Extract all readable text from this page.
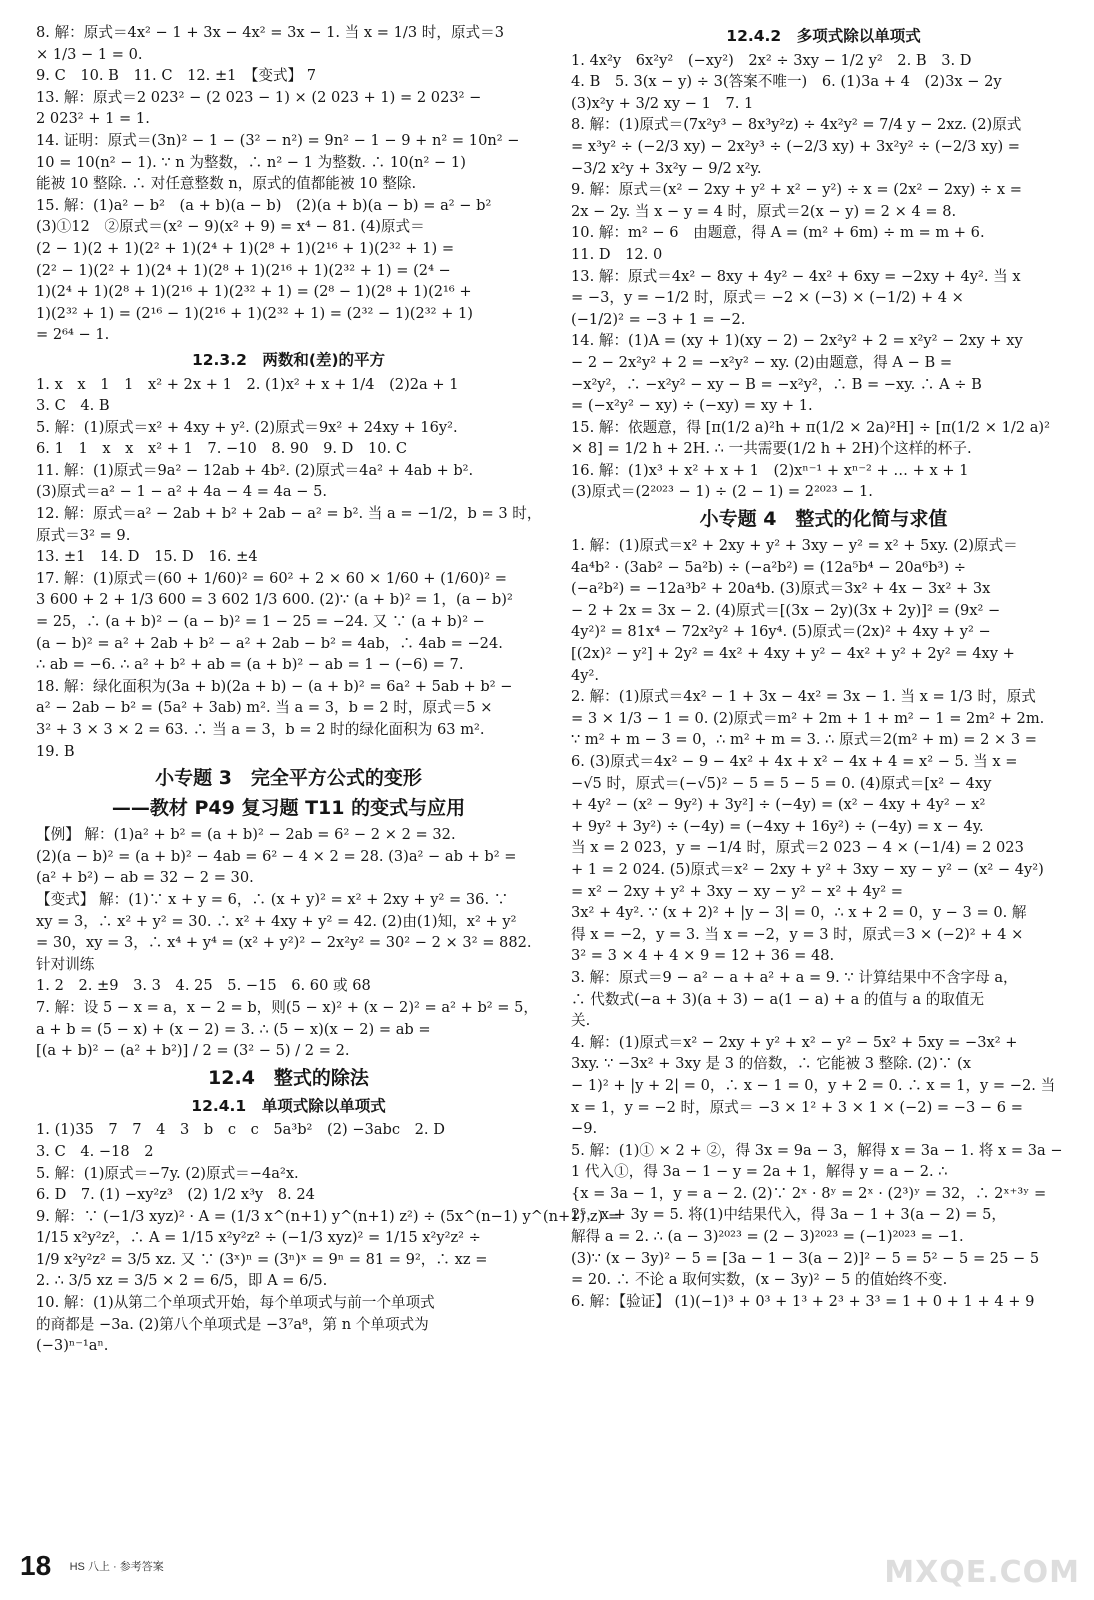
8. 解：原式＝4x² − 1 + 3x − 4x² = 3x − 1. 当 x = 1/3 时，原式＝3
× 1/3 − 1 = 0.
9. C　10. B　11. C　12. ±1　【变式】 7
13. 解：原式＝2 023² − (2 023 − 1) × (2 023 + 1) = 2 023² −
2 023² + 1 = 1.
14. 证明：原式＝(3n)² − 1 − (3² − n²) = 9n² − 1 − 9 + n² = 10n² −
10 = 10(n² − 1). ∵ n 为整数，∴ n² − 1 为整数. ∴ 10(n² − 1)
能被 10 整除. ∴ 对任意整数 n，原式的值都能被 10 整除.
15. 解：(1)a² − b²　(a + b)(a − b)　(2)(a + b)(a − b) = a² − b²
(3)①12　②原式＝(x² − 9)(x² + 9) = x⁴ − 81. (4)原式＝
(2 − 1)(2 + 1)(2² + 1)(2⁴ + 1)(2⁸ + 1)(2¹⁶ + 1)(2³² + 1) =
(2² − 1)(2² + 1)(2⁴ + 1)(2⁸ + 1)(2¹⁶ + 1)(2³² + 1) = (2⁴ −
1)(2⁴ + 1)(2⁸ + 1)(2¹⁶ + 1)(2³² + 1) = (2⁸ − 1)(2⁸ + 1)(2¹⁶ +
1)(2³² + 1) = (2¹⁶ − 1)(2¹⁶ + 1)(2³² + 1) = (2³² − 1)(2³² + 1)
= 2⁶⁴ − 1.
12.3.2　两数和(差)的平方
1. x　x　1　1　x² + 2x + 1　2. (1)x² + x + 1/4　(2)2a + 1
3. C　4. B
5. 解：(1)原式＝x² + 4xy + y². (2)原式＝9x² + 24xy + 16y².
6. 1　1　x　x　x² + 1　7. −10　8. 90　9. D　10. C
11. 解：(1)原式＝9a² − 12ab + 4b². (2)原式＝4a² + 4ab + b².
(3)原式＝a² − 1 − a² + 4a − 4 = 4a − 5.
12. 解：原式＝a² − 2ab + b² + 2ab − a² = b². 当 a = −1/2，b = 3 时，
原式＝3² = 9.
13. ±1　14. D　15. D　16. ±4
17. 解：(1)原式＝(60 + 1/60)² = 60² + 2 × 60 × 1/60 + (1/60)² =
3 600 + 2 + 1/3 600 = 3 602 1/3 600. (2)∵ (a + b)² = 1，(a − b)²
= 25，∴ (a + b)² − (a − b)² = 1 − 25 = −24. 又 ∵ (a + b)² −
(a − b)² = a² + 2ab + b² − a² + 2ab − b² = 4ab，∴ 4ab = −24.
∴ ab = −6. ∴ a² + b² + ab = (a + b)² − ab = 1 − (−6) = 7.
18. 解：绿化面积为(3a + b)(2a + b) − (a + b)² = 6a² + 5ab + b² −
a² − 2ab − b² = (5a² + 3ab) m². 当 a = 3，b = 2 时，原式＝5 ×
3² + 3 × 3 × 2 = 63. ∴ 当 a = 3，b = 2 时的绿化面积为 63 m².
19. B
小专题 3　完全平方公式的变形
——教材 P49 复习题 T11 的变式与应用
【例】 解：(1)a² + b² = (a + b)² − 2ab = 6² − 2 × 2 = 32.
(2)(a − b)² = (a + b)² − 4ab = 6² − 4 × 2 = 28. (3)a² − ab + b² =
(a² + b²) − ab = 32 − 2 = 30.
【变式】 解：(1)∵ x + y = 6，∴ (x + y)² = x² + 2xy + y² = 36. ∵
xy = 3，∴ x² + y² = 30. ∴ x² + 4xy + y² = 42. (2)由(1)知，x² + y²
= 30，xy = 3，∴ x⁴ + y⁴ = (x² + y²)² − 2x²y² = 30² − 2 × 3² = 882.
针对训练
1. 2　2. ±9　3. 3　4. 25　5. −15　6. 60 或 68
7. 解：设 5 − x = a，x − 2 = b，则(5 − x)² + (x − 2)² = a² + b² = 5，
a + b = (5 − x) + (x − 2) = 3. ∴ (5 − x)(x − 2) = ab =
[(a + b)² − (a² + b²)] / 2 = (3² − 5) / 2 = 2.
12.4　整式的除法
12.4.1　单项式除以单项式
1. (1)35　7　7　4　3　b　c　c　5a³b²　(2) −3abc　2. D
3. C　4. −18　2
5. 解：(1)原式＝−7y. (2)原式＝−4a²x.
6. D　7. (1) −xy²z³　(2) 1/2 x³y　8. 24
9. 解：∵ (−1/3 xyz)² · A = (1/3 x^(n+1) y^(n+1) z²) ÷ (5x^(n−1) y^(n+1) z) =
1/15 x²y²z²，∴ A = 1/15 x²y²z² ÷ (−1/3 xyz)² = 1/15 x²y²z² ÷
1/9 x²y²z² = 3/5 xz. 又 ∵ (3ˣ)ⁿ = (3ⁿ)ˣ = 9ⁿ = 81 = 9²，∴ xz =
2. ∴ 3/5 xz = 3/5 × 2 = 6/5，即 A = 6/5.
10. 解：(1)从第二个单项式开始，每个单项式与前一个单项式
的商都是 −3a. (2)第八个单项式是 −3⁷a⁸，第 n 个单项式为
(−3)ⁿ⁻¹aⁿ.
12.4.2　多项式除以单项式
1. 4x²y　6x²y²　(−xy²)　2x² ÷ 3xy − 1/2 y²　2. B　3. D
4. B　5. 3(x − y) ÷ 3(答案不唯一)　6. (1)3a + 4　(2)3x − 2y
(3)x²y + 3/2 xy − 1　7. 1
8. 解：(1)原式＝(7x²y³ − 8x³y²z) ÷ 4x²y² = 7/4 y − 2xz. (2)原式
= x³y² ÷ (−2/3 xy) − 2x²y³ ÷ (−2/3 xy) + 3x²y² ÷ (−2/3 xy) =
−3/2 x²y + 3x²y − 9/2 x²y.
9. 解：原式＝(x² − 2xy + y² + x² − y²) ÷ x = (2x² − 2xy) ÷ x =
2x − 2y. 当 x − y = 4 时，原式＝2(x − y) = 2 × 4 = 8.
10. 解：m² − 6　由题意，得 A = (m² + 6m) ÷ m = m + 6.
11. D　12. 0
13. 解：原式＝4x² − 8xy + 4y² − 4x² + 6xy = −2xy + 4y². 当 x
= −3，y = −1/2 时，原式＝ −2 × (−3) × (−1/2) + 4 ×
(−1/2)² = −3 + 1 = −2.
14. 解：(1)A = (xy + 1)(xy − 2) − 2x²y² + 2 = x²y² − 2xy + xy
− 2 − 2x²y² + 2 = −x²y² − xy. (2)由题意，得 A − B =
−x²y²，∴ −x²y² − xy − B = −x²y²，∴ B = −xy. ∴ A ÷ B
= (−x²y² − xy) ÷ (−xy) = xy + 1.
15. 解：依题意，得 [π(1/2 a)²h + π(1/2 × 2a)²H] ÷ [π(1/2 × 1/2 a)²
× 8] = 1/2 h + 2H. ∴ 一共需要(1/2 h + 2H)个这样的杯子.
16. 解：(1)x³ + x² + x + 1　(2)xⁿ⁻¹ + xⁿ⁻² + … + x + 1
(3)原式＝(2²⁰²³ − 1) ÷ (2 − 1) = 2²⁰²³ − 1.
小专题 4　整式的化简与求值
1. 解：(1)原式＝x² + 2xy + y² + 3xy − y² = x² + 5xy. (2)原式＝
4a⁴b² · (3ab² − 5a²b) ÷ (−a²b²) = (12a⁵b⁴ − 20a⁶b³) ÷
(−a²b²) = −12a³b² + 20a⁴b. (3)原式＝3x² + 4x − 3x² + 3x
− 2 + 2x = 3x − 2. (4)原式＝[(3x − 2y)(3x + 2y)]² = (9x² −
4y²)² = 81x⁴ − 72x²y² + 16y⁴. (5)原式＝(2x)² + 4xy + y² −
[(2x)² − y²] + 2y² = 4x² + 4xy + y² − 4x² + y² + 2y² = 4xy +
4y².
2. 解：(1)原式＝4x² − 1 + 3x − 4x² = 3x − 1. 当 x = 1/3 时，原式
= 3 × 1/3 − 1 = 0. (2)原式＝m² + 2m + 1 + m² − 1 = 2m² + 2m.
∵ m² + m − 3 = 0，∴ m² + m = 3. ∴ 原式＝2(m² + m) = 2 × 3 =
6. (3)原式＝4x² − 9 − 4x² + 4x + x² − 4x + 4 = x² − 5. 当 x =
−√5 时，原式＝(−√5)² − 5 = 5 − 5 = 0. (4)原式＝[x² − 4xy
+ 4y² − (x² − 9y²) + 3y²] ÷ (−4y) = (x² − 4xy + 4y² − x²
+ 9y² + 3y²) ÷ (−4y) = (−4xy + 16y²) ÷ (−4y) = x − 4y.
当 x = 2 023，y = −1/4 时，原式＝2 023 − 4 × (−1/4) = 2 023
+ 1 = 2 024. (5)原式＝x² − 2xy + y² + 3xy − xy − y² − (x² − 4y²)
= x² − 2xy + y² + 3xy − xy − y² − x² + 4y² =
3x² + 4y². ∵ (x + 2)² + |y − 3| = 0，∴ x + 2 = 0，y − 3 = 0. 解
得 x = −2，y = 3. 当 x = −2，y = 3 时，原式＝3 × (−2)² + 4 ×
3² = 3 × 4 + 4 × 9 = 12 + 36 = 48.
3. 解：原式＝9 − a² − a + a² + a = 9. ∵ 计算结果中不含字母 a，
∴ 代数式(−a + 3)(a + 3) − a(1 − a) + a 的值与 a 的取值无
关.
4. 解：(1)原式＝x² − 2xy + y² + x² − y² − 5x² + 5xy = −3x² +
3xy. ∵ −3x² + 3xy 是 3 的倍数，∴ 它能被 3 整除. (2)∵ (x
− 1)² + |y + 2| = 0，∴ x − 1 = 0，y + 2 = 0. ∴ x = 1，y = −2. 当
x = 1，y = −2 时，原式＝ −3 × 1² + 3 × 1 × (−2) = −3 − 6 =
−9.
5. 解：(1)① × 2 + ②，得 3x = 9a − 3，解得 x = 3a − 1. 将 x = 3a −
1 代入①，得 3a − 1 − y = 2a + 1，解得 y = a − 2. ∴
{x = 3a − 1，y = a − 2. (2)∵ 2ˣ · 8ʸ = 2ˣ · (2³)ʸ = 32，∴ 2ˣ⁺³ʸ =
2⁵，x + 3y = 5. 将(1)中结果代入，得 3a − 1 + 3(a − 2) = 5，
解得 a = 2. ∴ (a − 3)²⁰²³ = (2 − 3)²⁰²³ = (−1)²⁰²³ = −1.
(3)∵ (x − 3y)² − 5 = [3a − 1 − 3(a − 2)]² − 5 = 5² − 5 = 25 − 5
= 20. ∴ 不论 a 取何实数，(x − 3y)² − 5 的值始终不变.
6. 解：【验证】 (1)(−1)³ + 0³ + 1³ + 2³ + 3³ = 1 + 0 + 1 + 4 + 9
18 HS 八上 · 参考答案	MXQE.COM
